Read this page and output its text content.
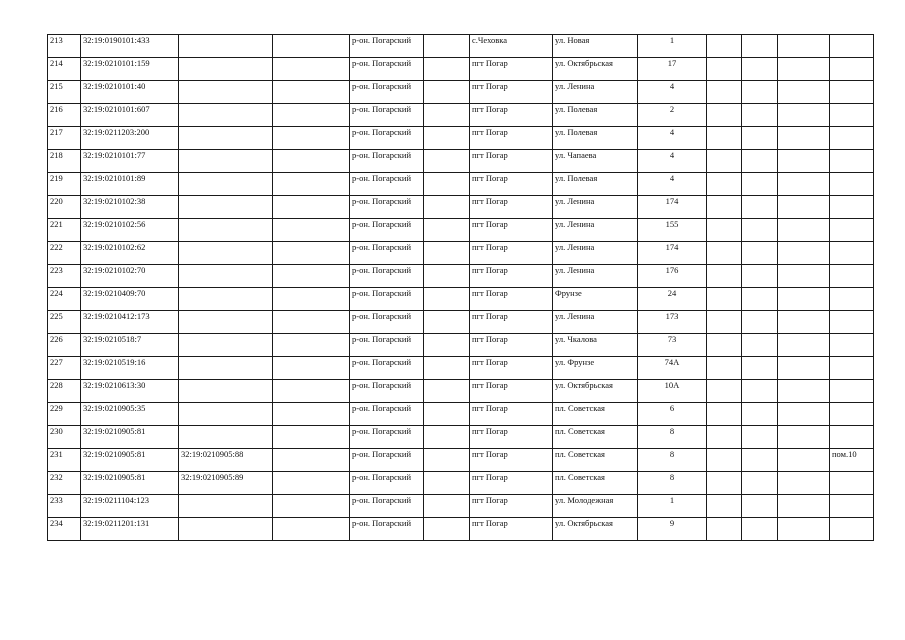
213	32:19:0190101:433			р-он. Погарский		с.Чеховка	ул. Новая	1				
214	32:19:0210101:159			р-он. Погарский		пгт Погар	ул. Октябрьская	17				
215	32:19:0210101:40			р-он. Погарский		пгт Погар	ул. Ленина	4				
216	32:19:0210101:607			р-он. Погарский		пгт Погар	ул. Полевая	2				
217	32:19:0211203:200			р-он. Погарский		пгт Погар	ул. Полевая	4				
218	32:19:0210101:77			р-он. Погарский		пгт Погар	ул. Чапаева	4				
219	32:19:0210101:89			р-он. Погарский		пгт Погар	ул. Полевая	4				
220	32:19:0210102:38			р-он. Погарский		пгт Погар	ул. Ленина	174				
221	32:19:0210102:56			р-он. Погарский		пгт Погар	ул. Ленина	155				
222	32:19:0210102:62			р-он. Погарский		пгт Погар	ул. Ленина	174				
223	32:19:0210102:70			р-он. Погарский		пгт Погар	ул. Ленина	176				
224	32:19:0210409:70			р-он. Погарский		пгт Погар	Фрунзе	24				
225	32:19:0210412:173			р-он. Погарский		пгт Погар	ул. Ленина	173				
226	32:19:0210518:7			р-он. Погарский		пгт Погар	ул. Чкалова	73				
227	32:19:0210519:16			р-он. Погарский		пгт Погар	ул. Фрунзе	74А				
228	32:19:0210613:30			р-он. Погарский		пгт Погар	ул. Октябрьская	10А				
229	32:19:0210905:35			р-он. Погарский		пгт Погар	пл. Советская	6				
230	32:19:0210905:81			р-он. Погарский		пгт Погар	пл. Советская	8				
231	32:19:0210905:81	32:19:0210905:88		р-он. Погарский		пгт Погар	пл. Советская	8				пом.10
232	32:19:0210905:81	32:19:0210905:89		р-он. Погарский		пгт Погар	пл. Советская	8				
233	32:19:0211104:123			р-он. Погарский		пгт Погар	ул. Молодежная	1				
234	32:19:0211201:131			р-он. Погарский		пгт Погар	ул. Октябрьская	9				
